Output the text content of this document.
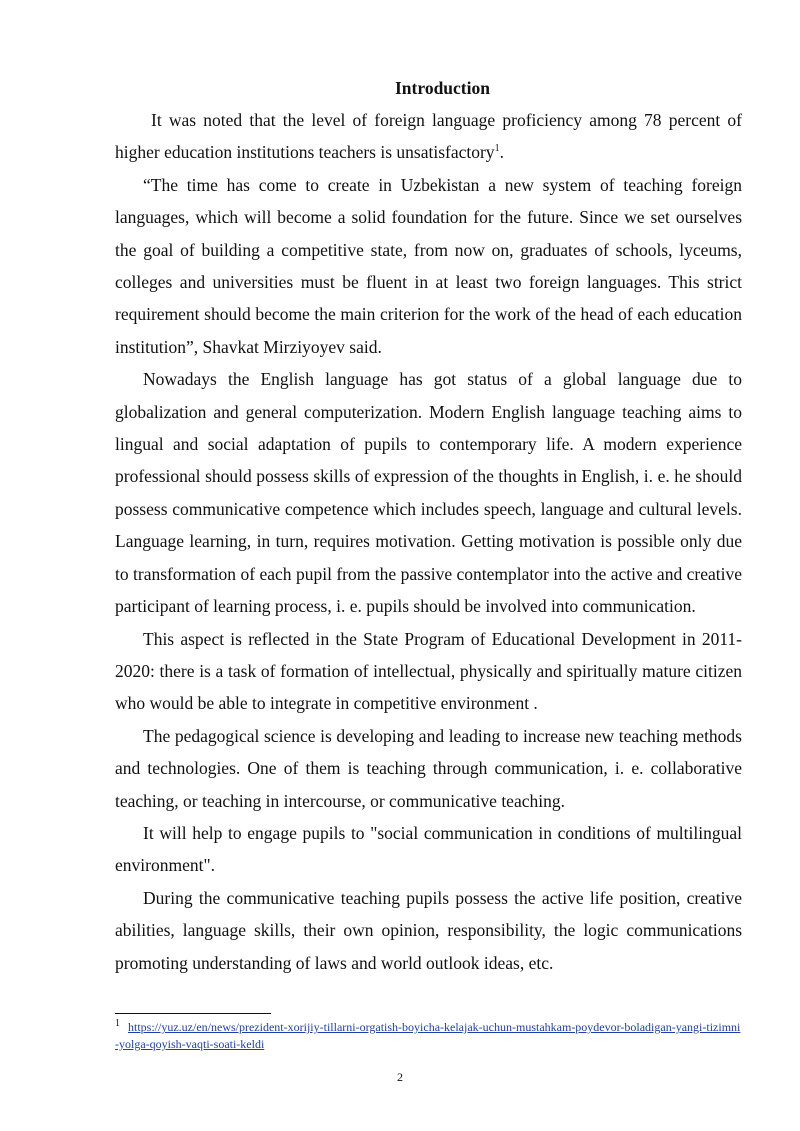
Introduction

It was noted that the level of foreign language proficiency among 78 percent of higher education institutions teachers is unsatisfactory$^1$.

“The time has come to create in Uzbekistan a new system of teaching foreign languages, which will become a solid foundation for the future. Since we set ourselves the goal of building a competitive state, from now on, graduates of schools, lyceums, colleges and universities must be fluent in at least two foreign languages. This strict requirement should become the main criterion for the work of the head of each education institution”, Shavkat Mirziyoyev said.

Nowadays the English language has got status of a global language due to globalization and general computerization. Modern English language teaching aims to lingual and social adaptation of pupils to contemporary life. A modern experience professional should possess skills of expression of the thoughts in English, i. e. he should possess communicative competence which includes speech, language and cultural levels. Language learning, in turn, requires motivation. Getting motivation is possible only due to transformation of each pupil from the passive contemplator into the active and creative participant of learning process, i. e. pupils should be involved into communication.

This aspect is reflected in the State Program of Educational Development in 2011-2020: there is a task of formation of intellectual, physically and spiritually mature citizen who would be able to integrate in competitive environment .

The pedagogical science is developing and leading to increase new teaching methods and technologies. One of them is teaching through communication, i. e. collaborative teaching, or teaching in intercourse, or communicative teaching.

It will help to engage pupils to "social communication in conditions of multilingual environment".

During the communicative teaching pupils possess the active life position, creative abilities, language skills, their own opinion, responsibility, the logic communications promoting understanding of laws and world outlook ideas, etc.

$^1$ https://yuz.uz/en/news/prezident-xorijiy-tillarni-orgatish-boyicha-kelajak-uchun-mustahkam-poydevor-boladigan-yangi-tizimni-yolga-qoyish-vaqti-soati-keldi
2
